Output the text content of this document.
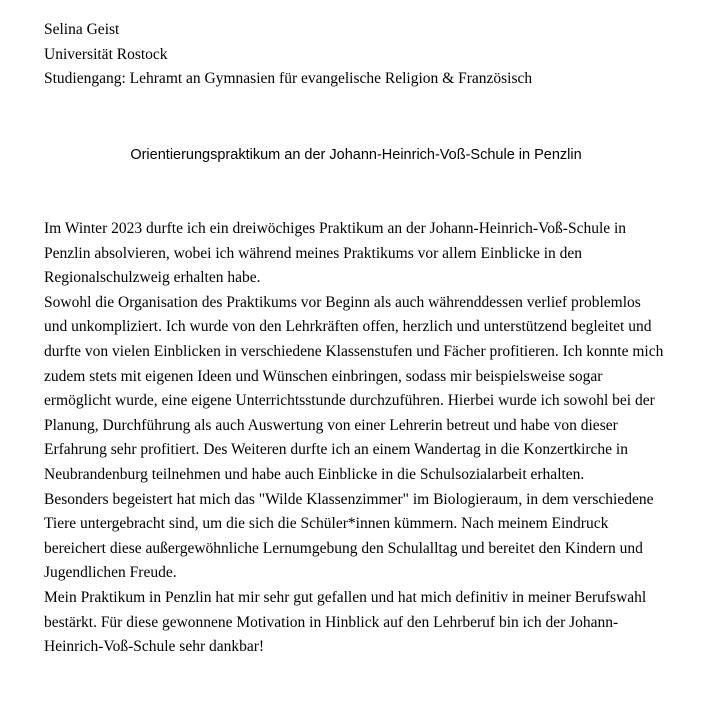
Selina Geist
Universität Rostock
Studiengang: Lehramt an Gymnasien für evangelische Religion & Französisch
Orientierungspraktikum an der Johann-Heinrich-Voß-Schule in Penzlin
Im Winter 2023 durfte ich ein dreiwöchiges Praktikum an der Johann-Heinrich-Voß-Schule in
Penzlin absolvieren, wobei ich während meines Praktikums vor allem Einblicke in den
Regionalschulzweig erhalten habe.
Sowohl die Organisation des Praktikums vor Beginn als auch währenddessen verlief problemlos
und unkompliziert. Ich wurde von den Lehrkräften offen, herzlich und unterstützend begleitet und
durfte von vielen Einblicken in verschiedene Klassenstufen und Fächer profitieren. Ich konnte mich
zudem stets mit eigenen Ideen und Wünschen einbringen, sodass mir beispielsweise sogar
ermöglicht wurde, eine eigene Unterrichtsstunde durchzuführen. Hierbei wurde ich sowohl bei der
Planung, Durchführung als auch Auswertung von einer Lehrerin betreut und habe von dieser
Erfahrung sehr profitiert. Des Weiteren durfte ich an einem Wandertag in die Konzertkirche in
Neubrandenburg teilnehmen und habe auch Einblicke in die Schulsozialarbeit erhalten.
Besonders begeistert hat mich das "Wilde Klassenzimmer" im Biologieraum, in dem verschiedene
Tiere untergebracht sind, um die sich die Schüler*innen kümmern. Nach meinem Eindruck
bereichert diese außergewöhnliche Lernumgebung den Schulalltag und bereitet den Kindern und
Jugendlichen Freude.
Mein Praktikum in Penzlin hat mir sehr gut gefallen und hat mich definitiv in meiner Berufswahl
bestärkt. Für diese gewonnene Motivation in Hinblick auf den Lehrberuf bin ich der Johann-
Heinrich-Voß-Schule sehr dankbar!
